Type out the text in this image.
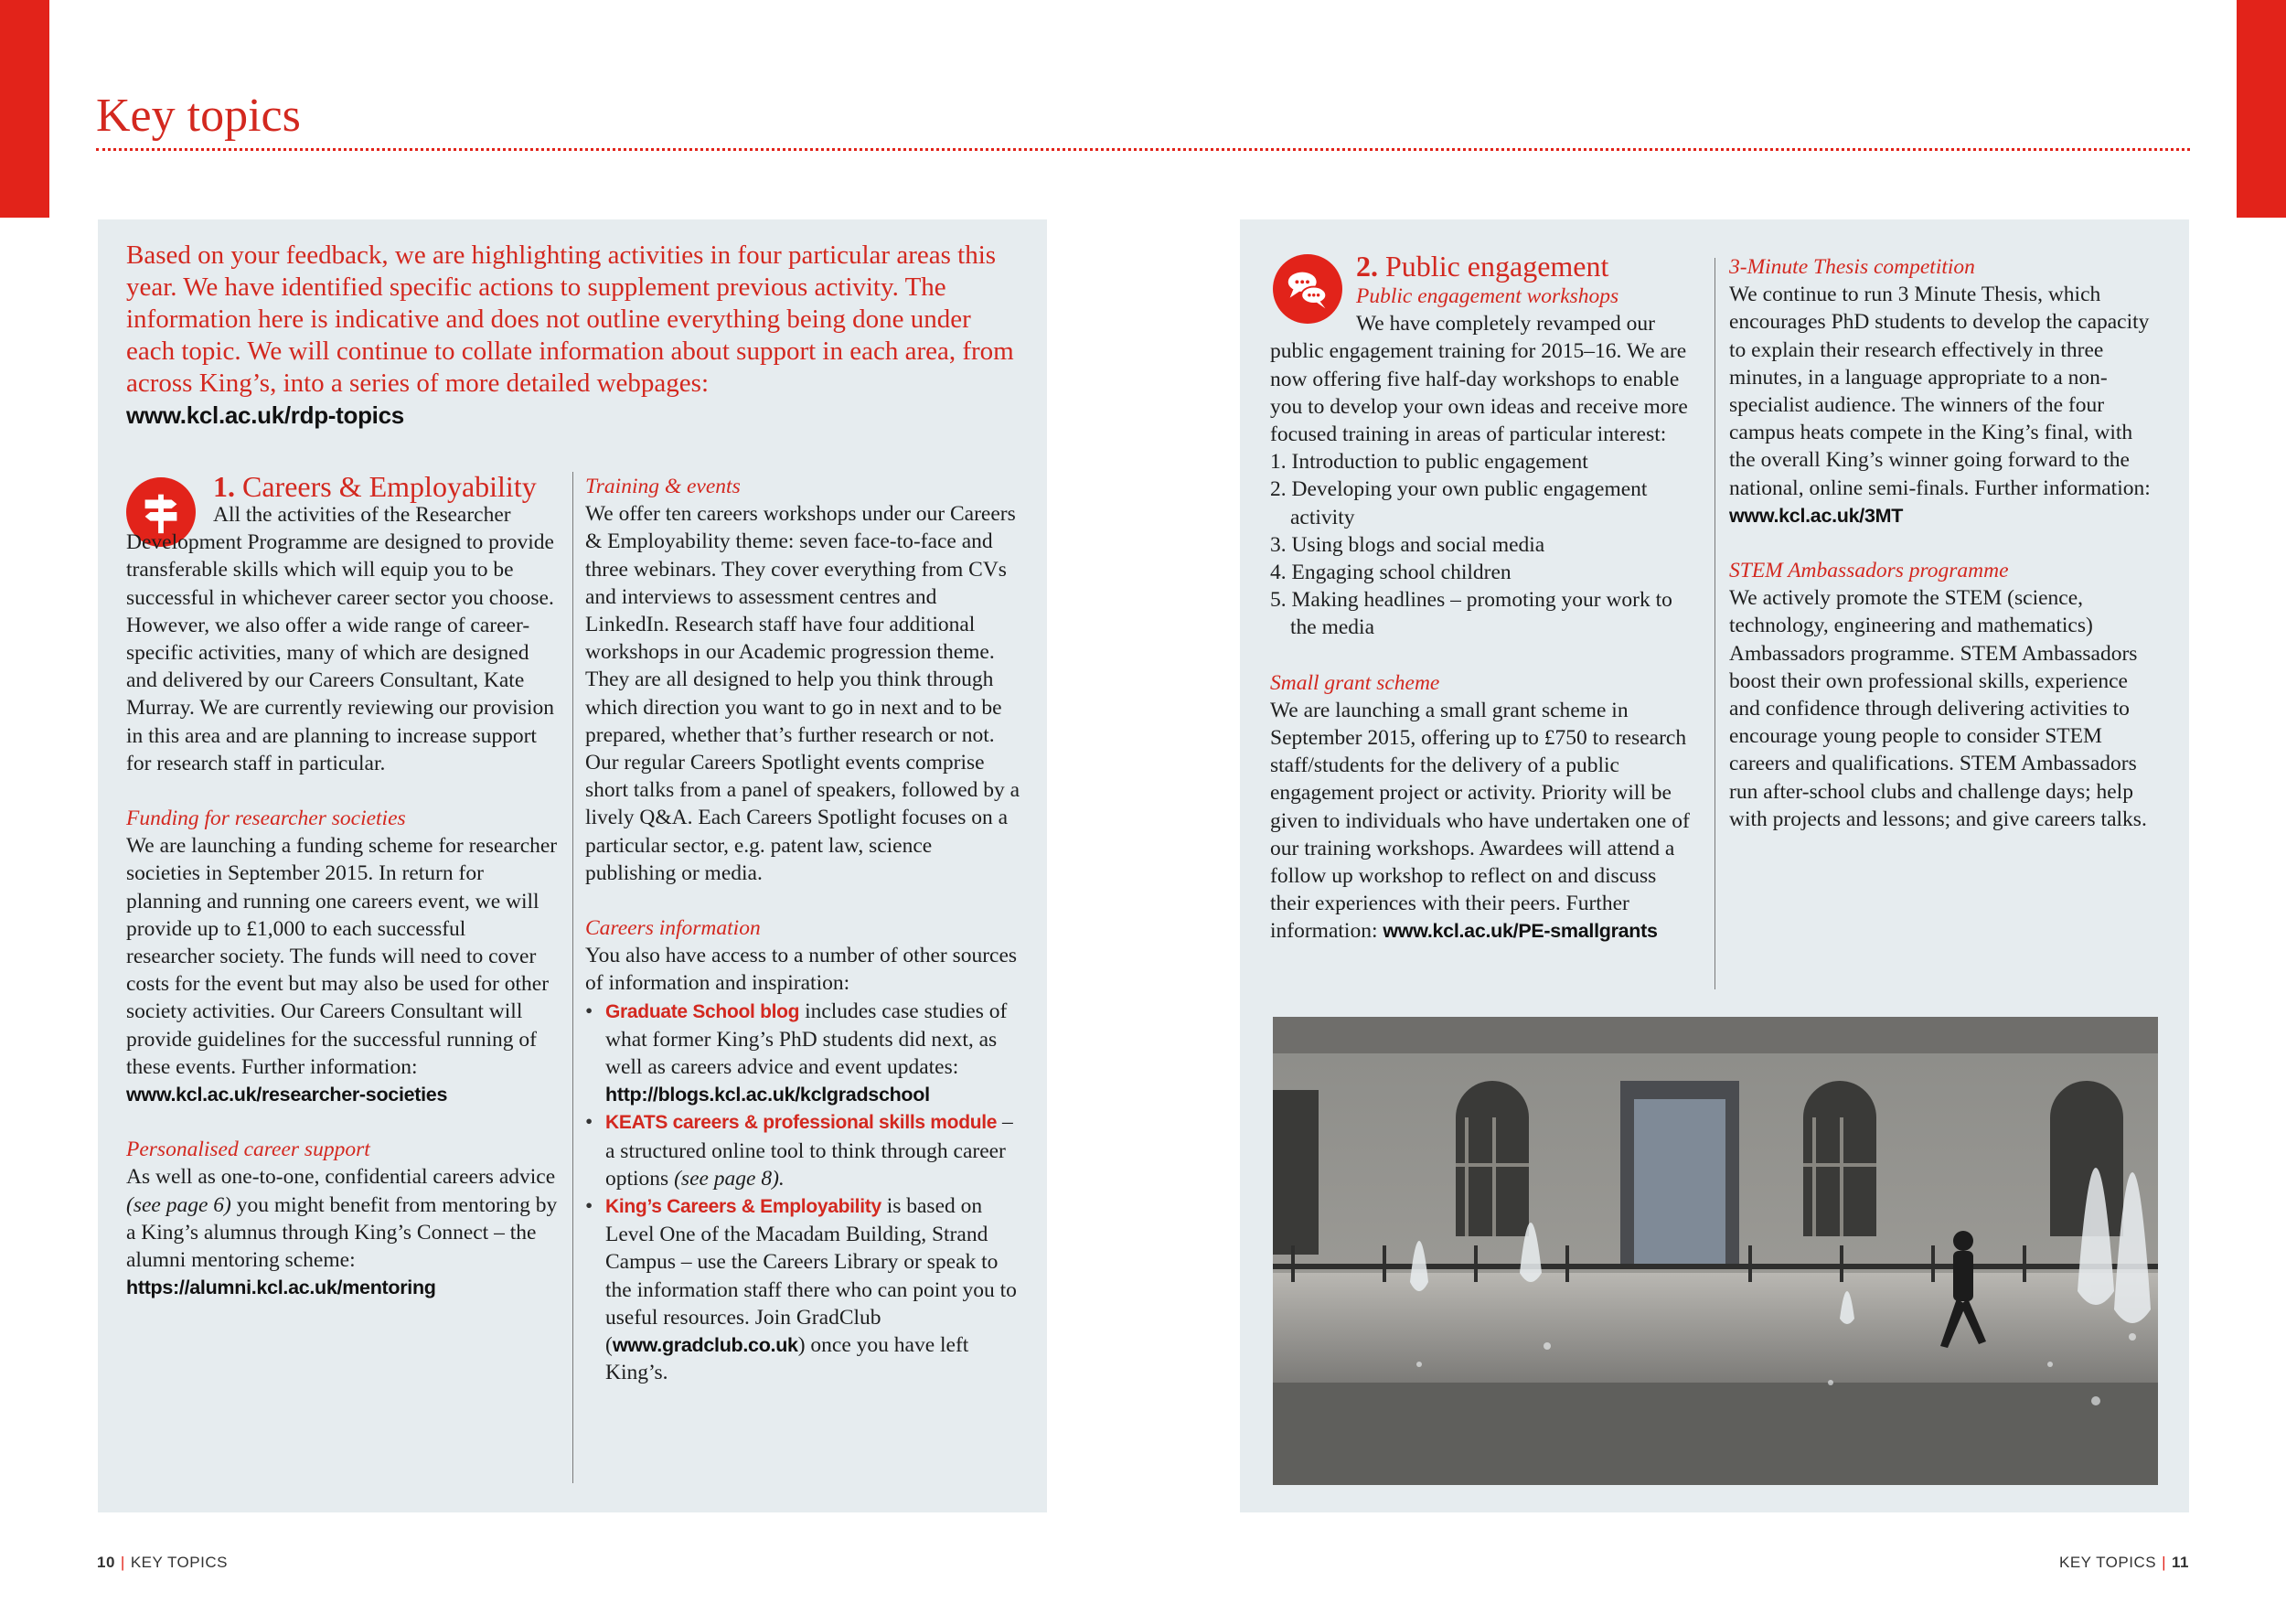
Key topics
Based on your feedback, we are highlighting activities in four particular areas this year. We have identified specific actions to supplement previous activity. The information here is indicative and does not outline everything being done under each topic. We will continue to collate information about support in each area, from across King’s, into a series of more detailed webpages:
www.kcl.ac.uk/rdp-topics
1. Careers & Employability

All the activities of the Researcher Development Programme are designed to provide transferable skills which will equip you to be successful in whichever career sector you choose. However, we also offer a wide range of career-specific activities, many of which are designed and delivered by our Careers Consultant, Kate Murray. We are currently reviewing our provision in this area and are planning to increase support for research staff in particular.

Funding for researcher societies

We are launching a funding scheme for researcher societies in September 2015. In return for planning and running one careers event, we will provide up to £1,000 to each successful researcher society. The funds will need to cover costs for the event but may also be used for other society activities. Our Careers Consultant will provide guidelines for the successful running of these events. Further information: www.kcl.ac.uk/researcher-societies

Personalised career support

As well as one-to-one, confidential careers advice (see page 6) you might benefit from mentoring by a King’s alumnus through King’s Connect – the alumni mentoring scheme: https://alumni.kcl.ac.uk/mentoring

Training & events

We offer ten careers workshops under our Careers & Employability theme: seven face-to-face and three webinars. They cover everything from CVs and interviews to assessment centres and LinkedIn. Research staff have four additional workshops in our Academic progression theme. They are all designed to help you think through which direction you want to go in next and to be prepared, whether that’s further research or not. Our regular Careers Spotlight events comprise short talks from a panel of speakers, followed by a lively Q&A. Each Careers Spotlight focuses on a particular sector, e.g. patent law, science publishing or media.

Careers information

You also have access to a number of other sources of information and inspiration:

• Graduate School blog includes case studies of what former King’s PhD students did next, as well as careers advice and event updates: http://blogs.kcl.ac.uk/kclgradschool
• KEATS careers & professional skills module – a structured online tool to think through career options (see page 8).
• King’s Careers & Employability is based on Level One of the Macadam Building, Strand Campus – use the Careers Library or speak to the information staff there who can point you to useful resources. Join GradClub (www.gradclub.co.uk) once you have left King’s.
2. Public engagement
Public engagement workshops

We have completely revamped our public engagement training for 2015–16. We are now offering five half-day workshops to enable you to develop your own ideas and receive more focused training in areas of particular interest:

1. Introduction to public engagement
2. Developing your own public engagement activity
3. Using blogs and social media
4. Engaging school children
5. Making headlines – promoting your work to the media
Small grant scheme

We are launching a small grant scheme in September 2015, offering up to £750 to research staff/students for the delivery of a public engagement project or activity. Priority will be given to individuals who have undertaken one of our training workshops. Awardees will attend a follow up workshop to reflect on and discuss their experiences with their peers. Further information: www.kcl.ac.uk/PE-smallgrants

3-Minute Thesis competition

We continue to run 3 Minute Thesis, which encourages PhD students to develop the capacity to explain their research effectively in three minutes, in a language appropriate to a non-specialist audience. The winners of the four campus heats compete in the King’s final, with the overall King’s winner going forward to the national, online semi-finals. Further information: www.kcl.ac.uk/3MT

STEM Ambassadors programme

We actively promote the STEM (science, technology, engineering and mathematics) Ambassadors programme. STEM Ambassadors boost their own professional skills, experience and confidence through delivering activities to encourage young people to consider STEM careers and qualifications. STEM Ambassadors run after-school clubs and challenge days; help with projects and lessons; and give careers talks.

10 | KEY TOPICS	KEY TOPICS | 11
